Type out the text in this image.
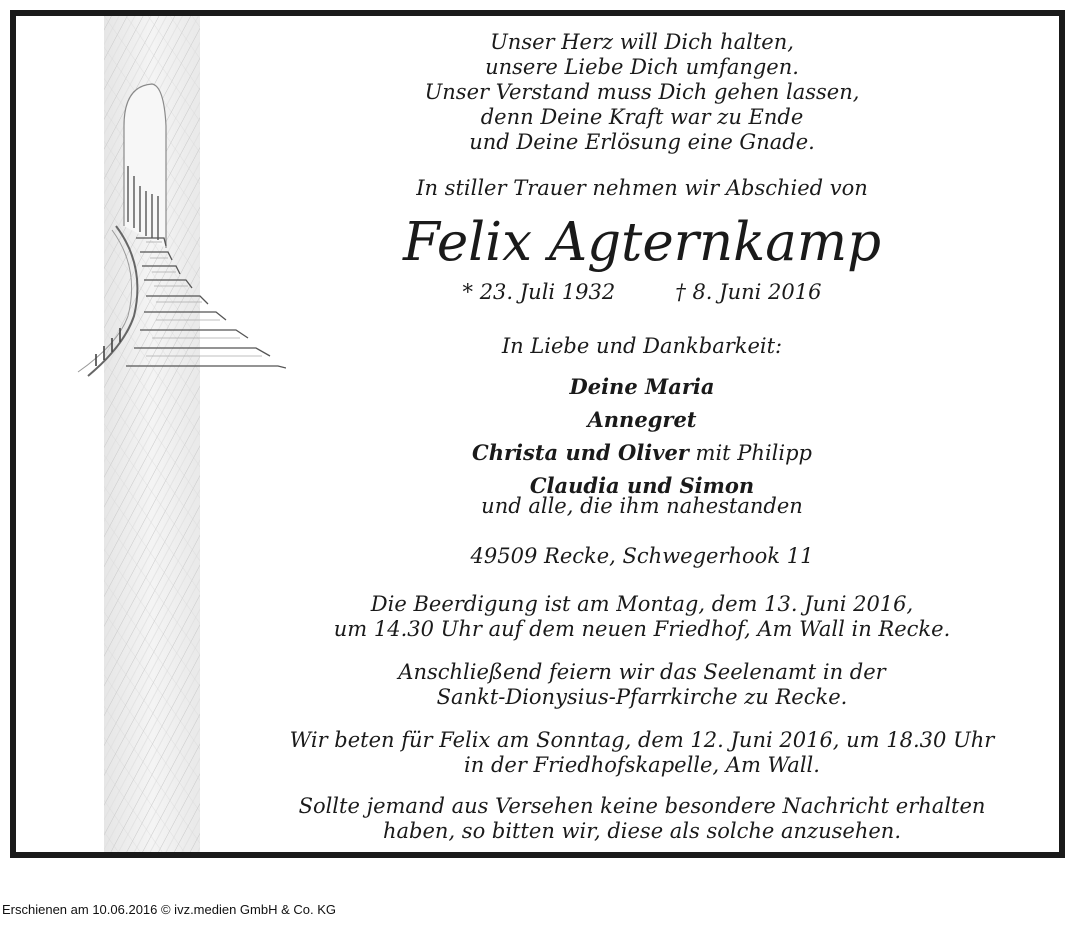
Unser Herz will Dich halten,
unsere Liebe Dich umfangen.
Unser Verstand muss Dich gehen lassen,
denn Deine Kraft war zu Ende
und Deine Erlösung eine Gnade.
In stiller Trauer nehmen wir Abschied von
Felix Agternkamp
* 23. Juli 1932	† 8. Juni 2016
In Liebe und Dankbarkeit:
Deine Maria
Annegret
Christa und Oliver mit Philipp
Claudia und Simon
und alle, die ihm nahestanden
49509 Recke, Schwegerhook 11
Die Beerdigung ist am Montag, dem 13. Juni 2016,
um 14.30 Uhr auf dem neuen Friedhof, Am Wall in Recke.
Anschließend feiern wir das Seelenamt in der
Sankt-Dionysius-Pfarrkirche zu Recke.
Wir beten für Felix am Sonntag, dem 12. Juni 2016, um 18.30 Uhr
in der Friedhofskapelle, Am Wall.
Sollte jemand aus Versehen keine besondere Nachricht erhalten
haben, so bitten wir, diese als solche anzusehen.
Erschienen am 10.06.2016 © ivz.medien GmbH & Co. KG
